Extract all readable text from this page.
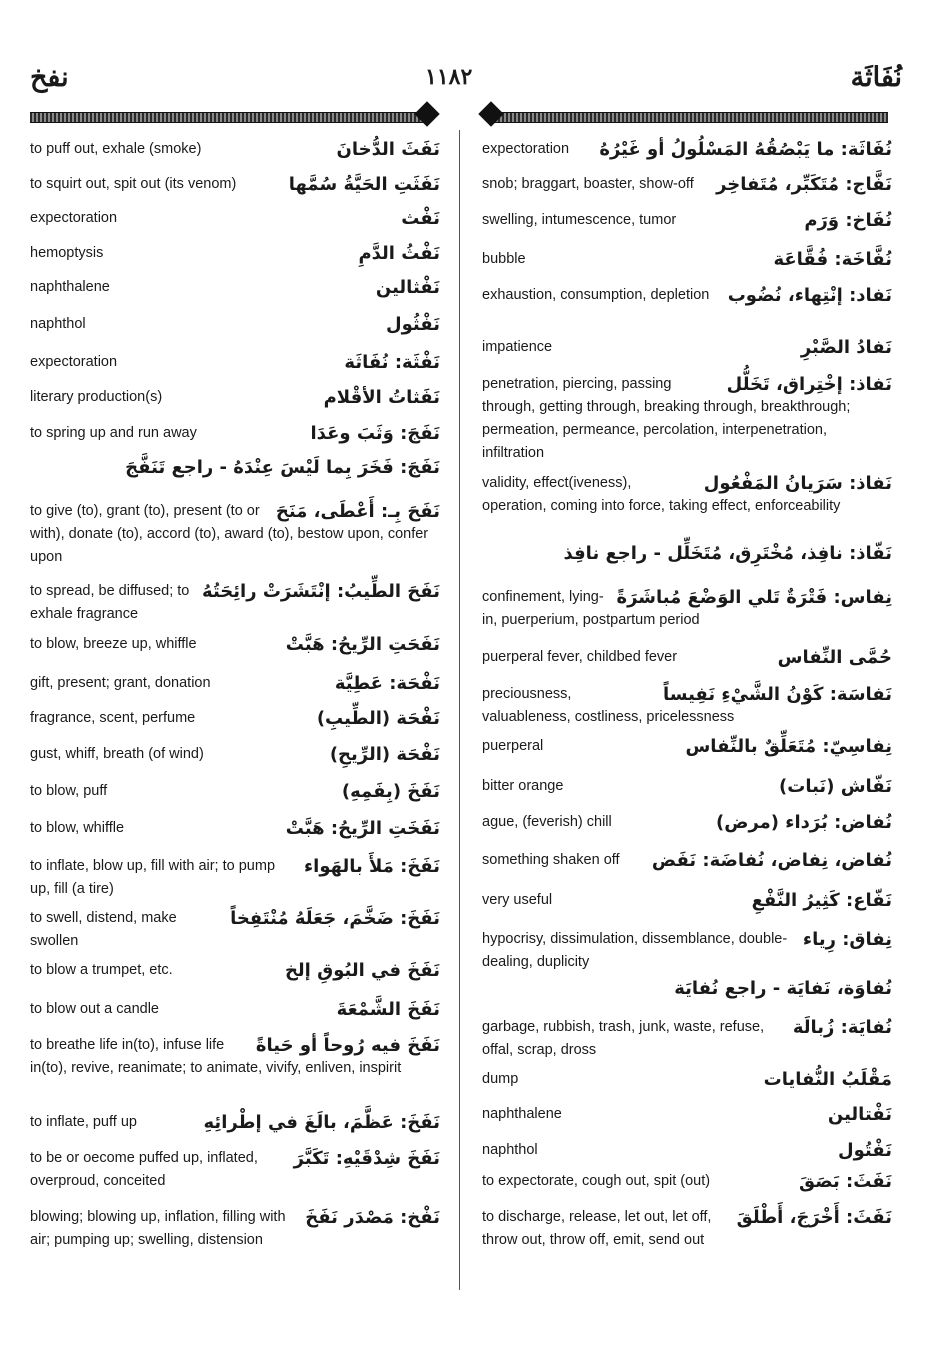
نفخ	١١٨٢	نُفَاثَة
نَفَثَ الدُّخانَ
to puff out, exhale (smoke)
نَفَثَتِ الحَيَّةُ سُمَّها
to squirt out, spit out (its venom)
نَفْث
expectoration
نَفْثُ الدَّمِ
hemoptysis
نَفْثالين
naphthalene
نَفْثُول
naphthol
نَفْثَة: نُفَاثَة
expectoration
نَفَثاتُ الأقْلام
literary production(s)
نَفَجَ: وَثَبَ وعَدَا
to spring up and run away
نَفَجَ: فَخَرَ بِما لَيْسَ عِنْدَهُ - راجع تَنَفَّجَ
نَفَحَ بِـ: أَعْطَى، مَنَحَ
to give (to), grant (to), present (to or with), donate (to), accord (to), award (to), bestow upon, confer upon
نَفَحَ الطِّيبُ: إنْتَشَرَتْ رائِحَتُهُ
to spread, be diffused; to exhale fragrance
نَفَحَتِ الرِّيحُ: هَبَّتْ
to blow, breeze up, whiffle
نَفْحَة: عَطِيَّة
gift, present; grant, donation
نَفْحَة (الطِّيبِ)
fragrance, scent, perfume
نَفْحَة (الرِّيحِ)
gust, whiff, breath (of wind)
نَفَخَ (بِفَمِهِ)
to blow, puff
نَفَخَتِ الرِّيحُ: هَبَّتْ
to blow, whiffle
نَفَخَ: مَلأَ بالهَواء
to inflate, blow up, fill with air; to pump up, fill (a tire)
نَفَخَ: ضَخَّمَ، جَعَلَهُ مُنْتَفِخاً
to swell, distend, make swollen
نَفَخَ في البُوقِ إلخ
to blow a trumpet, etc.
نَفَخَ الشَّمْعَةَ
to blow out a candle
نَفَخَ فيه رُوحاً أو حَياةً
to breathe life in(to), infuse life in(to), revive, reanimate; to animate, vivify, enliven, inspirit
نَفَخَ: عَظَّمَ، بالَغَ في إطْرائِهِ
to inflate, puff up
نَفَخَ شِدْقَيْهِ: تَكَبَّرَ
to be or oecome puffed up, inflated, overproud, conceited
نَفْخ: مَصْدَر نَفَخَ
blowing; blowing up, inflation, filling with air; pumping up; swelling, distension
نُفَاثَة: ما يَبْصُقُهُ المَسْلُولُ أو غَيْرُهُ
expectoration
نَفَّاج: مُتَكَبِّر، مُتَفاخِر
snob; braggart, boaster, show-off
نُفَاخ: وَرَم
swelling, intumescence, tumor
نُفَّاخَة: فُقَّاعَة
bubble
نَفاد: إنْتِهاء، نُضُوب
exhaustion, consumption, depletion
نَفادُ الصَّبْرِ
impatience
نَفاذ: إخْتِراق، تَخَلُّل
penetration, piercing, passing through, getting through, breaking through, breakthrough; permeation, permeance, percolation, interpenetration, infiltration
نَفاذ: سَرَيانُ المَفْعُول
validity, effect(iveness), operation, coming into force, taking effect, enforceability
نَفّاذ: نافِذ، مُخْتَرِق، مُتَخَلِّل - راجع نافِذ
نِفاس: فَتْرَةٌ تَلي الوَضْعَ مُباشَرَةً
confinement, lying-in, puerperium, postpartum period
حُمَّى النِّفاس
puerperal fever, childbed fever
نَفاسَة: كَوْنُ الشَّيْءِ نَفِيساً
preciousness, valuableness, costliness, pricelessness
نِفاسِيّ: مُتَعَلِّقٌ بالنِّفاس
puerperal
نَفّاش (نَبات)
bitter orange
نُفاض: بُرَداء (مرض)
ague, (feverish) chill
نُفاض، نِفاض، نُفاضَة: نَفَض
something shaken off
نَفّاع: كَثِيرُ النَّفْعِ
very useful
نِفاق: رِياء
hypocrisy, dissimulation, dissemblance, double-dealing, duplicity
نُفاوَة، نَفايَة - راجع نُفايَة
نُفايَة: زُبالَة
garbage, rubbish, trash, junk, waste, refuse, offal, scrap, dross
مَقْلَبُ النُّفايات
dump
نَفْتالين
naphthalene
نَفْتُول
naphthol
نَفَثَ: بَصَقَ
to expectorate, cough out, spit (out)
نَفَثَ: أَخْرَجَ، أَطْلَقَ
to discharge, release, let out, let off, throw out, throw off, emit, send out
